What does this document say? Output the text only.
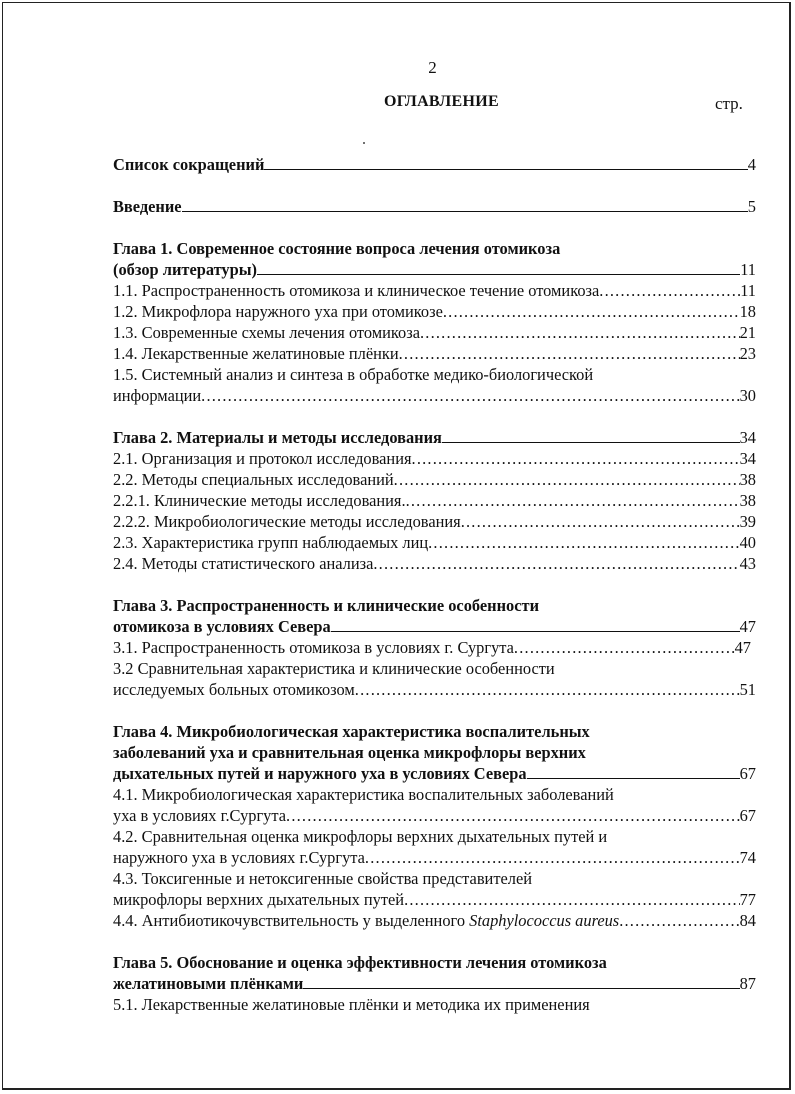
2
ОГЛАВЛЕНИЕ	стр.
Список сокращений	4
Введение	5
Глава 1. Современное состояние вопроса лечения отомикоза
(обзор литературы)	11
1.1. Распространенность отомикоза и клиническое течение отомикоза .....	11
1.2. Микрофлора наружного уха при отомикозе .....	18
1.3. Современные схемы лечения отомикоза .....	21
1.4. Лекарственные желатиновые плёнки .....	23
1.5. Системный анализ и синтеза в обработке медико-биологической
информации .....	30
Глава 2. Материалы и методы исследования	34
2.1. Организация и протокол исследования .....	34
2.2. Методы специальных исследований .....	38
2.2.1. Клинические методы исследования. .....	38
2.2.2. Микробиологические методы исследования .....	39
2.3. Характеристика групп наблюдаемых лиц .....	40
2.4. Методы статистического анализа .....	43
Глава 3. Распространенность и клинические особенности
отомикоза в условиях Севера	47
3.1. Распространенность отомикоза в условиях г. Сургута .....	47
3.2 Сравнительная характеристика и клинические особенности
исследуемых больных отомикозом .....	51
Глава 4. Микробиологическая характеристика воспалительных
заболеваний уха и сравнительная оценка микрофлоры верхних
дыхательных путей и наружного уха в условиях Севера	67
4.1. Микробиологическая характеристика воспалительных заболеваний
уха в условиях г.Сургута .....	67
4.2. Сравнительная оценка микрофлоры верхних дыхательных путей и
наружного уха в условиях г.Сургута .....	74
4.3. Токсигенные и нетоксигенные свойства представителей
микрофлоры верхних дыхательных путей .....	77
4.4. Антибиотикочувствительность у выделенного Staphylococcus aureus .....	84
Глава 5. Обоснование и оценка эффективности лечения отомикоза
желатиновыми плёнками	87
5.1. Лекарственные желатиновые плёнки и методика их применения
